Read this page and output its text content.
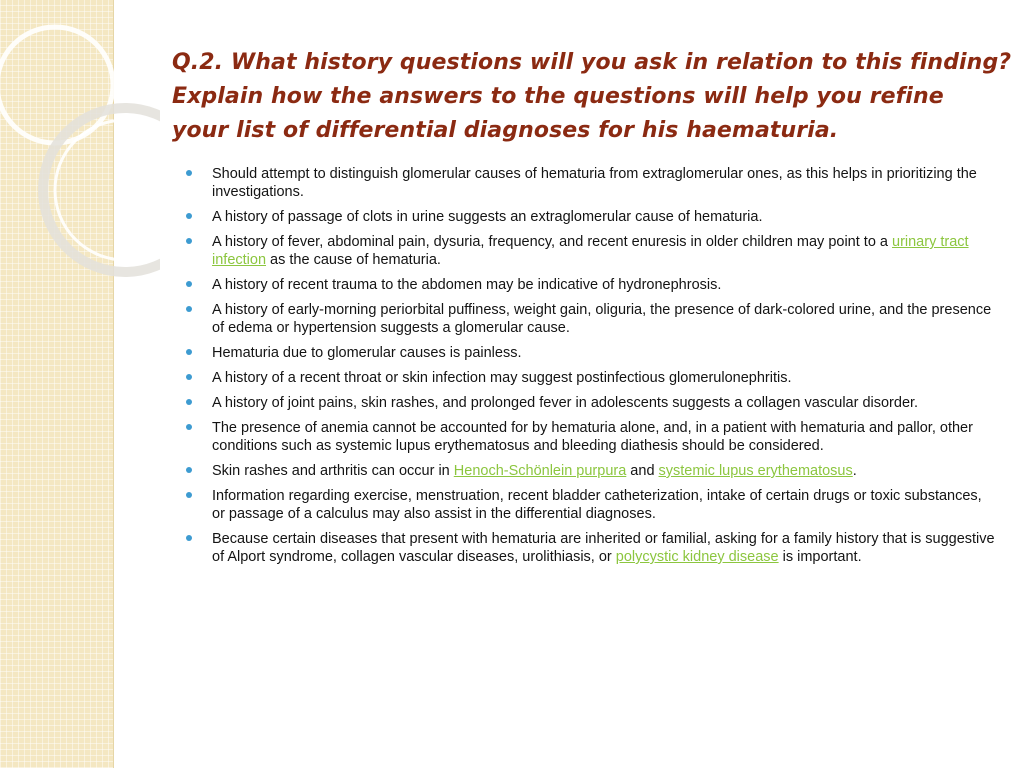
Q.2. What history questions will you ask in relation to this finding?
Explain how the answers to the questions will help you refine
your list of differential diagnoses for his haematuria.
Should attempt to distinguish glomerular causes of hematuria from extraglomerular ones, as this helps in prioritizing the investigations.
A history of passage of clots in urine suggests an extraglomerular cause of hematuria.
A history of fever, abdominal pain, dysuria, frequency, and recent enuresis in older children may point to a urinary tract infection as the cause of hematuria.
A history of recent trauma to the abdomen may be indicative of hydronephrosis.
A history of early-morning periorbital puffiness, weight gain, oliguria, the presence of dark-colored urine, and the presence of edema or hypertension suggests a glomerular cause.
Hematuria due to glomerular causes is painless.
A history of a recent throat or skin infection may suggest postinfectious glomerulonephritis.
A history of joint pains, skin rashes, and prolonged fever in adolescents suggests a collagen vascular disorder.
The presence of anemia cannot be accounted for by hematuria alone, and, in a patient with hematuria and pallor, other conditions such as systemic lupus erythematosus and bleeding diathesis should be considered.
Skin rashes and arthritis can occur in Henoch-Schönlein purpura and systemic lupus erythematosus.
Information regarding exercise, menstruation, recent bladder catheterization, intake of certain drugs or toxic substances, or passage of a calculus may also assist in the differential diagnoses.
Because certain diseases that present with hematuria are inherited or familial, asking for a family history that is suggestive of Alport syndrome, collagen vascular diseases, urolithiasis, or polycystic kidney disease is important.
